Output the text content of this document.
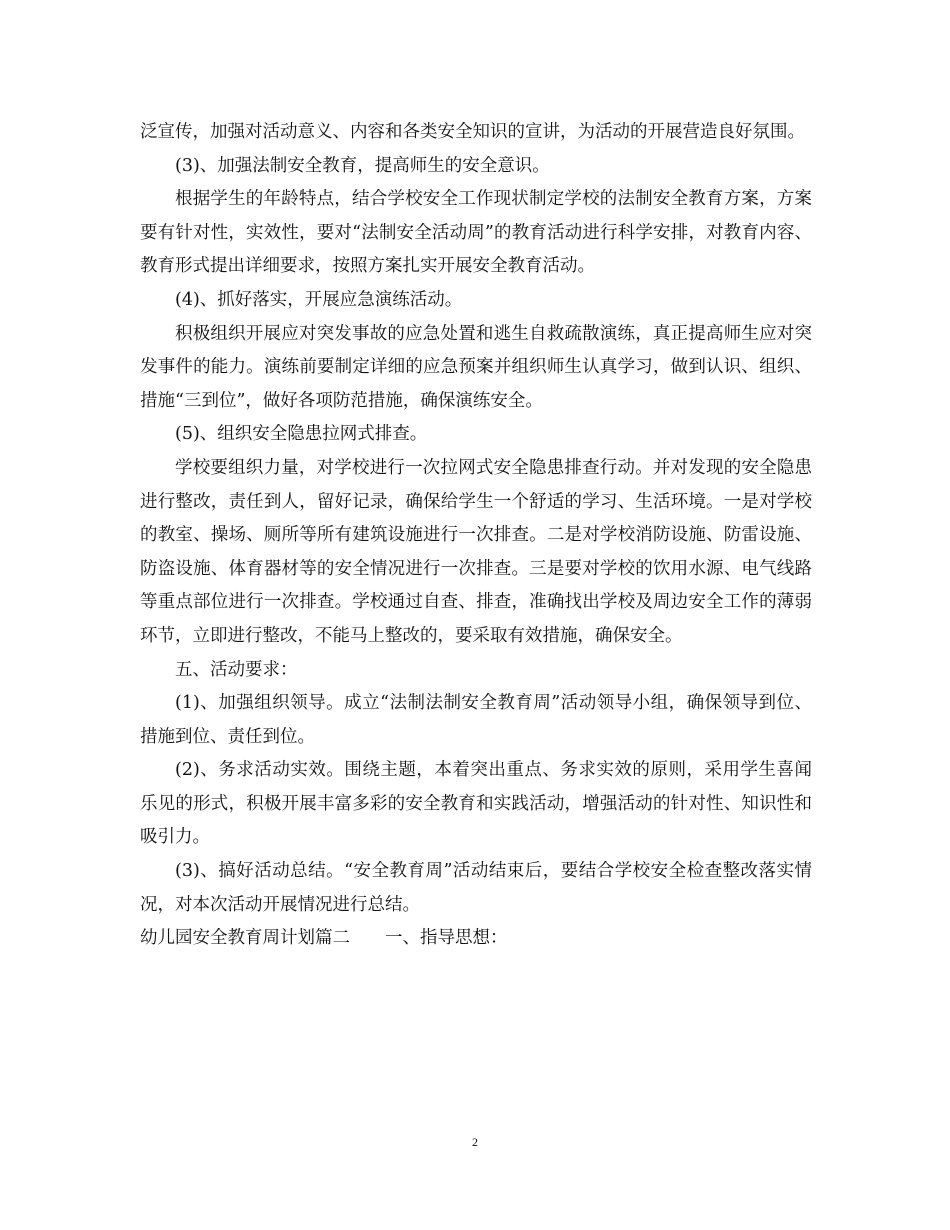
泛宣传，加强对活动意义、内容和各类安全知识的宣讲，为活动的开展营造良好氛围。

(3)、加强法制安全教育，提高师生的安全意识。

根据学生的年龄特点，结合学校安全工作现状制定学校的法制安全教育方案，方案要有针对性，实效性，要对“法制安全活动周”的教育活动进行科学安排，对教育内容、教育形式提出详细要求，按照方案扎实开展安全教育活动。

(4)、抓好落实，开展应急演练活动。

积极组织开展应对突发事故的应急处置和逃生自救疏散演练，真正提高师生应对突发事件的能力。演练前要制定详细的应急预案并组织师生认真学习，做到认识、组织、措施“三到位”，做好各项防范措施，确保演练安全。

(5)、组织安全隐患拉网式排查。

学校要组织力量，对学校进行一次拉网式安全隐患排查行动。并对发现的安全隐患进行整改，责任到人，留好记录，确保给学生一个舒适的学习、生活环境。一是对学校的教室、操场、厕所等所有建筑设施进行一次排查。二是对学校消防设施、防雷设施、防盗设施、体育器材等的安全情况进行一次排查。三是要对学校的饮用水源、电气线路等重点部位进行一次排查。学校通过自查、排查，准确找出学校及周边安全工作的薄弱环节，立即进行整改，不能马上整改的，要采取有效措施，确保安全。

五、活动要求：

(1)、加强组织领导。成立“法制法制安全教育周”活动领导小组，确保领导到位、措施到位、责任到位。

(2)、务求活动实效。围绕主题，本着突出重点、务求实效的原则，采用学生喜闻乐见的形式，积极开展丰富多彩的安全教育和实践活动，增强活动的针对性、知识性和吸引力。

(3)、搞好活动总结。“安全教育周”活动结束后，要结合学校安全检查整改落实情况，对本次活动开展情况进行总结。

幼儿园安全教育周计划篇二　　一、指导思想：

2
